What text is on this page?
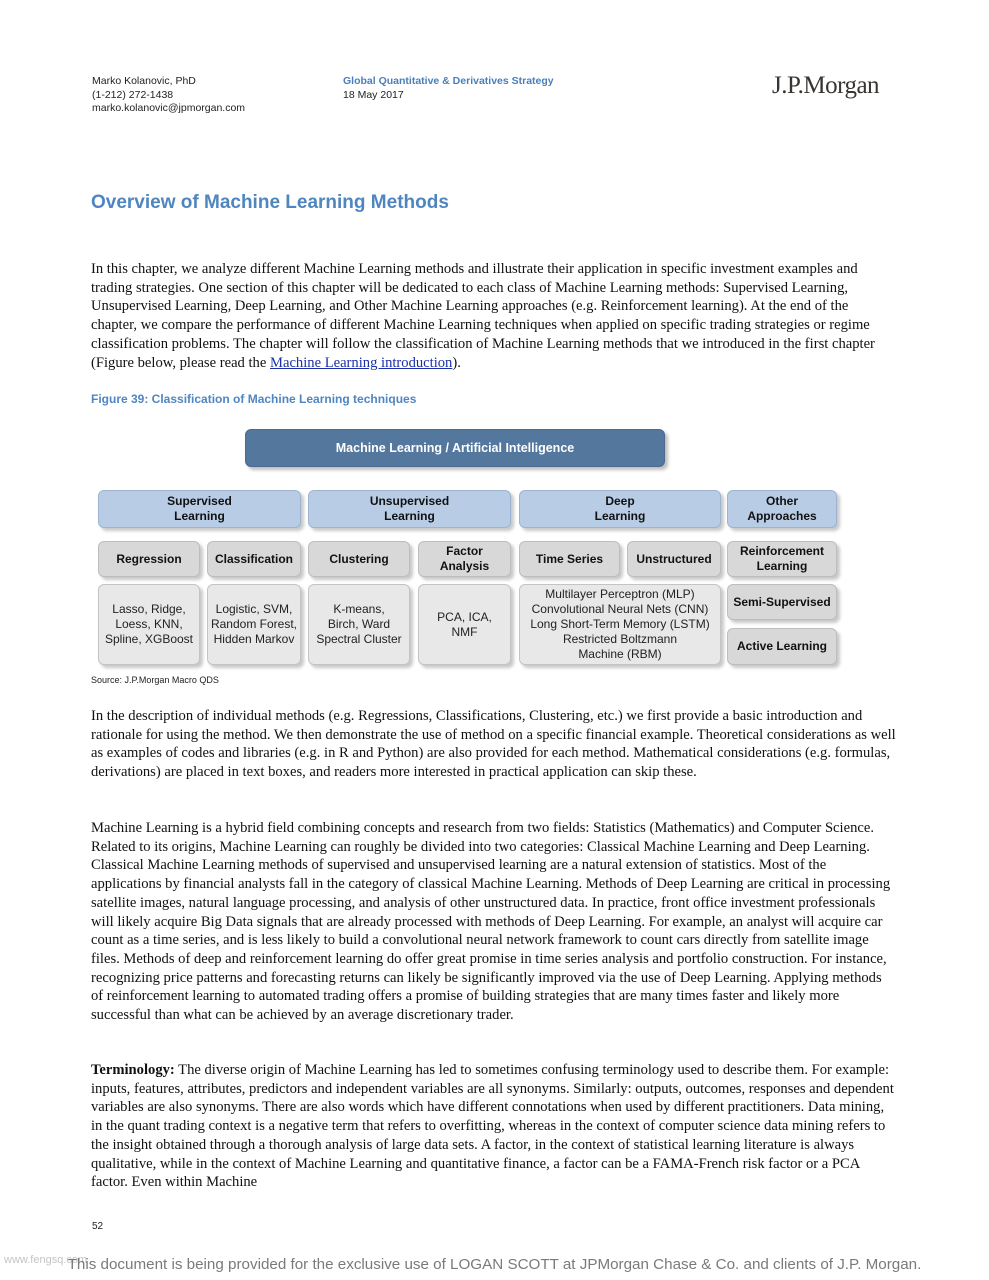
Marko Kolanovic, PhD
(1-212) 272-1438
marko.kolanovic@jpmorgan.com
Global Quantitative & Derivatives Strategy
18 May 2017	J.P.Morgan
Overview of Machine Learning Methods

In this chapter, we analyze different Machine Learning methods and illustrate their application in specific investment examples and trading strategies. One section of this chapter will be dedicated to each class of Machine Learning methods: Supervised Learning, Unsupervised Learning, Deep Learning, and Other Machine Learning approaches (e.g. Reinforcement learning). At the end of the chapter, we compare the performance of different Machine Learning techniques when applied on specific trading strategies or regime classification problems. The chapter will follow the classification of Machine Learning methods that we introduced in the first chapter (Figure below, please read the Machine Learning introduction).

Figure 39: Classification of Machine Learning techniques
Machine Learning / Artificial Intelligence
Supervised
Learning
Unsupervised
Learning
Deep
Learning
Other
Approaches
Regression	Classification	Clustering
Factor
Analysis
Time Series	Unstructured
Reinforcement
Learning
Lasso, Ridge,
Loess, KNN,
Spline, XGBoost
Logistic, SVM,
Random Forest,
Hidden Markov
K-means,
Birch, Ward
Spectral Cluster
PCA, ICA,
NMF
Multilayer Perceptron (MLP)
Convolutional Neural Nets (CNN)
Long Short-Term Memory (LSTM)
Restricted Boltzmann
Machine (RBM)
Semi-Supervised
Active Learning
Source: J.P.Morgan Macro QDS

In the description of individual methods (e.g. Regressions, Classifications, Clustering, etc.) we first provide a basic introduction and rationale for using the method. We then demonstrate the use of method on a specific financial example. Theoretical considerations as well as examples of codes and libraries (e.g. in R and Python) are also provided for each method. Mathematical considerations (e.g. formulas, derivations) are placed in text boxes, and readers more interested in practical application can skip these.

Machine Learning is a hybrid field combining concepts and research from two fields: Statistics (Mathematics) and Computer Science. Related to its origins, Machine Learning can roughly be divided into two categories: Classical Machine Learning and Deep Learning. Classical Machine Learning methods of supervised and unsupervised learning are a natural extension of statistics. Most of the applications by financial analysts fall in the category of classical Machine Learning. Methods of Deep Learning are critical in processing satellite images, natural language processing, and analysis of other unstructured data. In practice, front office investment professionals will likely acquire Big Data signals that are already processed with methods of Deep Learning. For example, an analyst will acquire car count as a time series, and is less likely to build a convolutional neural network framework to count cars directly from satellite image files. Methods of deep and reinforcement learning do offer great promise in time series analysis and portfolio construction. For instance, recognizing price patterns and forecasting returns can likely be significantly improved via the use of Deep Learning. Applying methods of reinforcement learning to automated trading offers a promise of building strategies that are many times faster and likely more successful than what can be achieved by an average discretionary trader.

Terminology: The diverse origin of Machine Learning has led to sometimes confusing terminology used to describe them. For example: inputs, features, attributes, predictors and independent variables are all synonyms. Similarly: outputs, outcomes, responses and dependent variables are also synonyms. There are also words which have different connotations when used by different practitioners. Data mining, in the quant trading context is a negative term that refers to overfitting, whereas in the context of computer science data mining refers to the insight obtained through a thorough analysis of large data sets. A factor, in the context of statistical learning literature is always qualitative, while in the context of Machine Learning and quantitative finance, a factor can be a FAMA-French risk factor or a PCA factor. Even within Machine

52
www.fengsq.com
This document is being provided for the exclusive use of LOGAN SCOTT at JPMorgan Chase & Co. and clients of J.P. Morgan.
